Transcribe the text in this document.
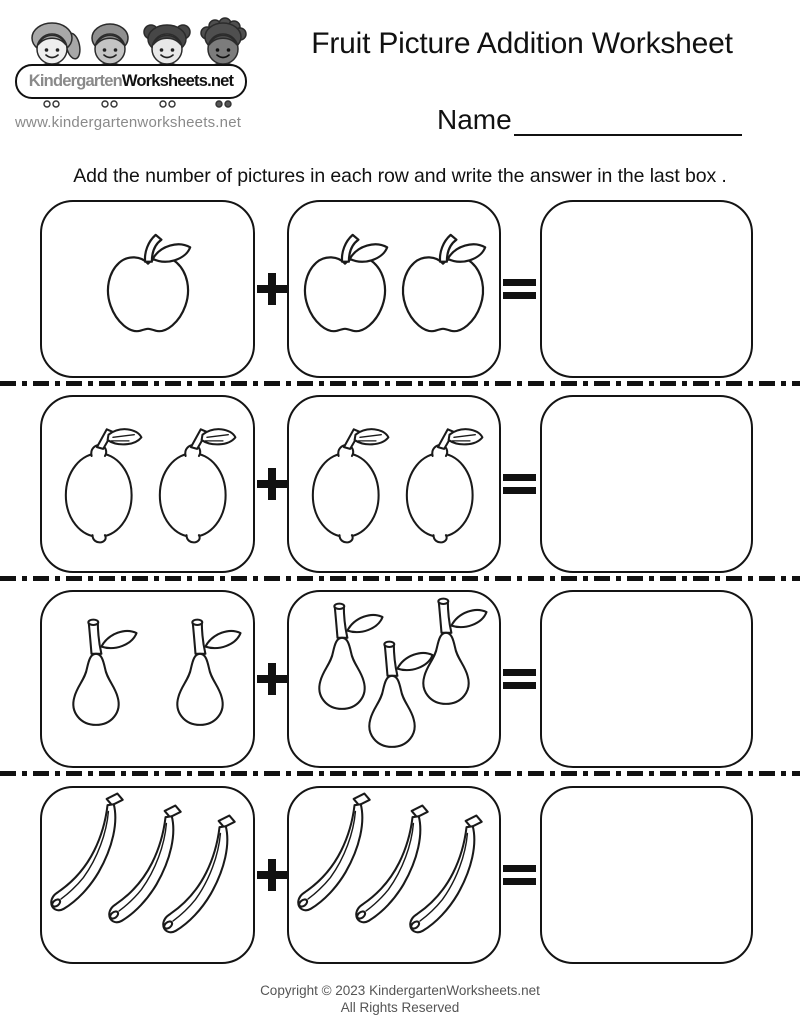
Kindergarten Worksheets.net
www.kindergartenworksheets.net
Fruit Picture Addition Worksheet
Name

Add the number of pictures in each row and write the answer in the last box .

Copyright © 2023 KindergartenWorksheets.net
All Rights Reserved
